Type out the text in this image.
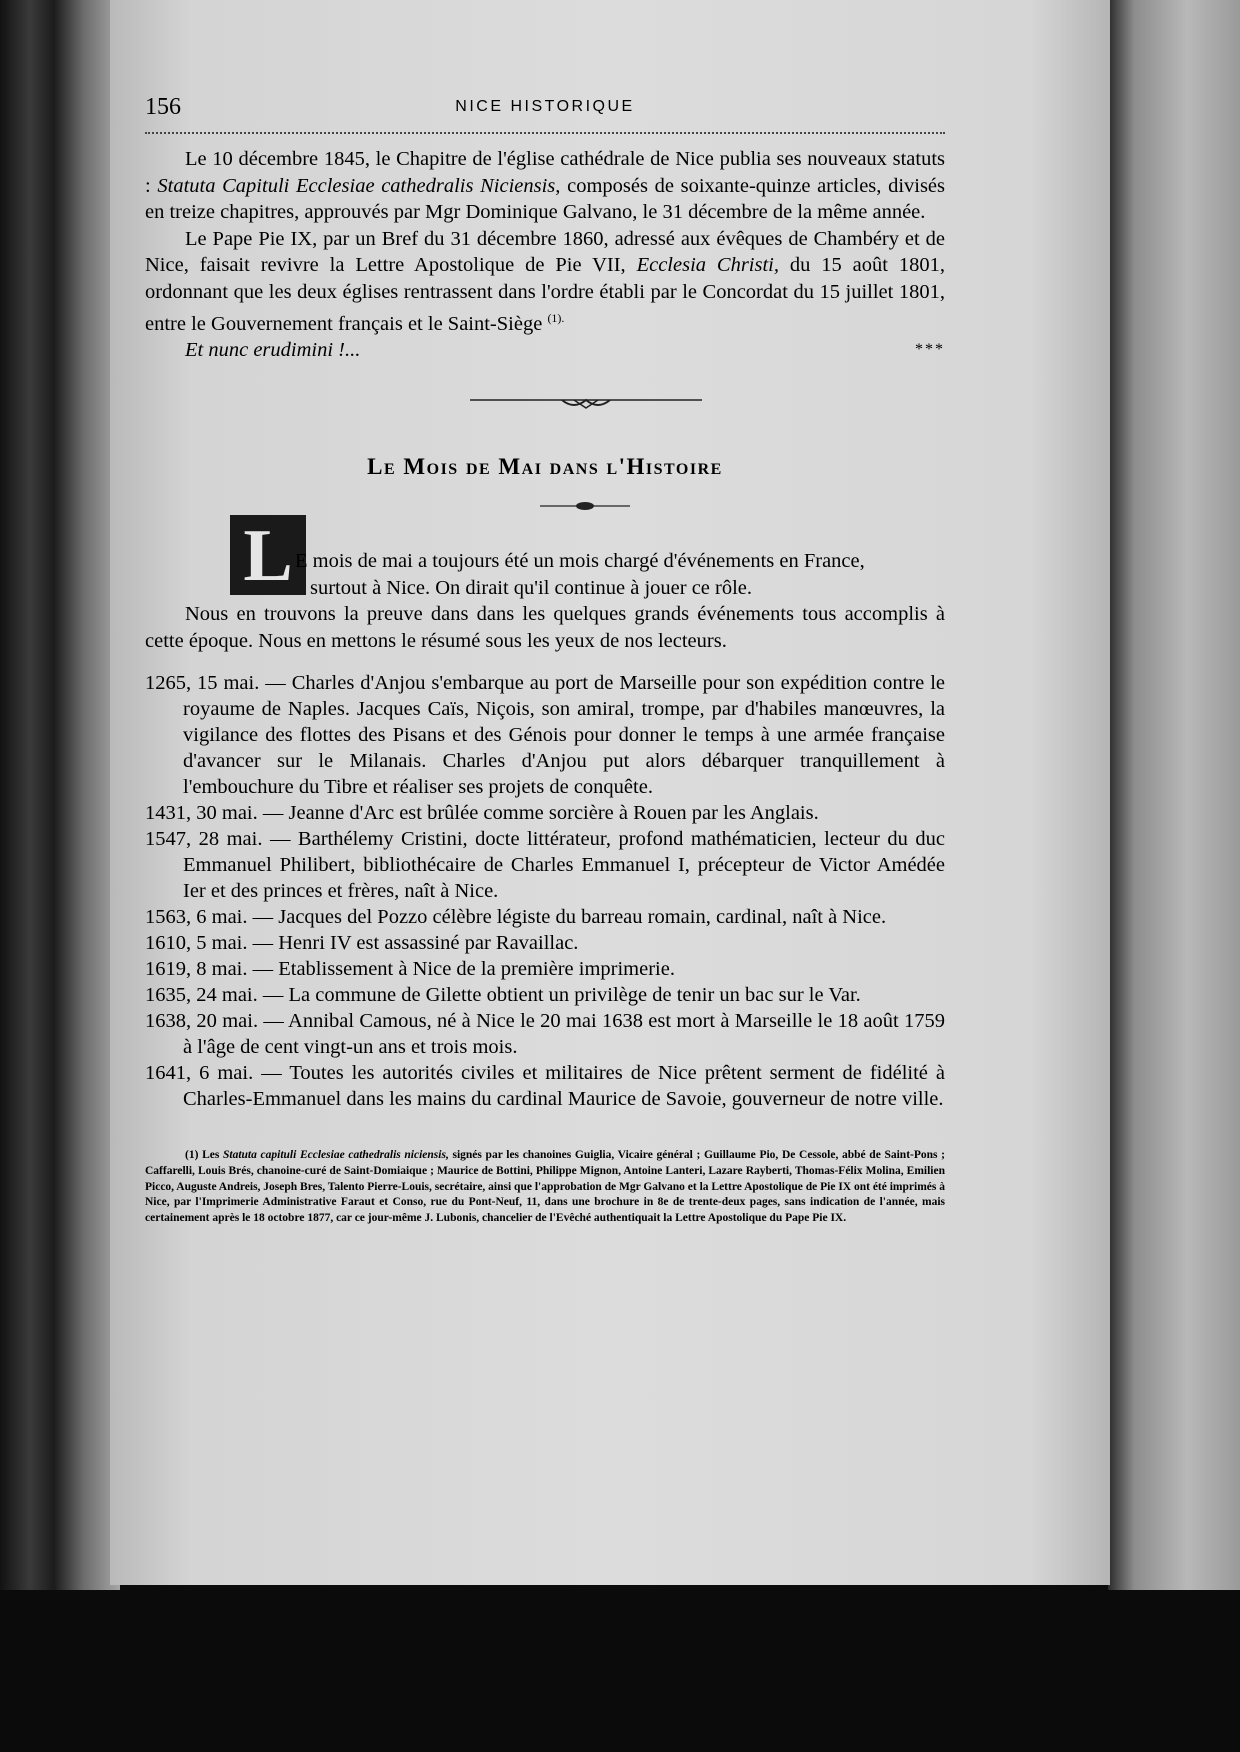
156	NICE HISTORIQUE

Le 10 décembre 1845, le Chapitre de l'église cathédrale de Nice publia ses nouveaux statuts : Statuta Capituli Ecclesiae cathedralis Niciensis, composés de soixante-quinze articles, divisés en treize chapitres, approuvés par Mgr Dominique Galvano, le 31 décembre de la même année.

Le Pape Pie IX, par un Bref du 31 décembre 1860, adressé aux évêques de Chambéry et de Nice, faisait revivre la Lettre Apostolique de Pie VII, Ecclesia Christi, du 15 août 1801, ordonnant que les deux églises rentrassent dans l'ordre établi par le Concordat du 15 juillet 1801, entre le Gouvernement français et le Saint-Siège $^{(1).}$

Et nunc erudimini !...	***

Le Mois de Mai dans l'Histoire
L E mois de mai a toujours été un mois chargé d'événements en France,

surtout à Nice. On dirait qu'il continue à jouer ce rôle.

Nous en trouvons la preuve dans dans les quelques grands événements tous accomplis à cette époque. Nous en mettons le résumé sous les yeux de nos lecteurs.

1265, 15 mai. — Charles d'Anjou s'embarque au port de Marseille pour son expédition contre le royaume de Naples. Jacques Caïs, Niçois, son amiral, trompe, par d'habiles manœuvres, la vigilance des flottes des Pisans et des Génois pour donner le temps à une armée française d'avancer sur le Milanais. Charles d'Anjou put alors débarquer tranquillement à l'embouchure du Tibre et réaliser ses projets de conquête.

1431, 30 mai. — Jeanne d'Arc est brûlée comme sorcière à Rouen par les Anglais.

1547, 28 mai. — Barthélemy Cristini, docte littérateur, profond mathématicien, lecteur du duc Emmanuel Philibert, bibliothécaire de Charles Emmanuel I, précepteur de Victor Amédée Ier et des princes et frères, naît à Nice.

1563, 6 mai. — Jacques del Pozzo célèbre légiste du barreau romain, cardinal, naît à Nice.

1610, 5 mai. — Henri IV est assassiné par Ravaillac.

1619, 8 mai. — Etablissement à Nice de la première imprimerie.

1635, 24 mai. — La commune de Gilette obtient un privilège de tenir un bac sur le Var.

1638, 20 mai. — Annibal Camous, né à Nice le 20 mai 1638 est mort à Marseille le 18 août 1759 à l'âge de cent vingt-un ans et trois mois.

1641, 6 mai. — Toutes les autorités civiles et militaires de Nice prêtent serment de fidélité à Charles-Emmanuel dans les mains du cardinal Maurice de Savoie, gouverneur de notre ville.

(1) Les Statuta capituli Ecclesiae cathedralis niciensis, signés par les chanoines Guiglia, Vicaire général ; Guillaume Pio, De Cessole, abbé de Saint-Pons ; Caffarelli, Louis Brés, chanoine-curé de Saint-Domiaique ; Maurice de Bottini, Philippe Mignon, Antoine Lanteri, Lazare Rayberti, Thomas-Félix Molina, Emilien Picco, Auguste Andreis, Joseph Bres, Talento Pierre-Louis, secrétaire, ainsi que l'approbation de Mgr Galvano et la Lettre Apostolique de Pie IX ont été imprimés à Nice, par l'Imprimerie Administrative Faraut et Conso, rue du Pont-Neuf, 11, dans une brochure in 8e de trente-deux pages, sans indication de l'année, mais certainement après le 18 octobre 1877, car ce jour-même J. Lubonis, chancelier de l'Evêché authentiquait la Lettre Apostolique du Pape Pie IX.
